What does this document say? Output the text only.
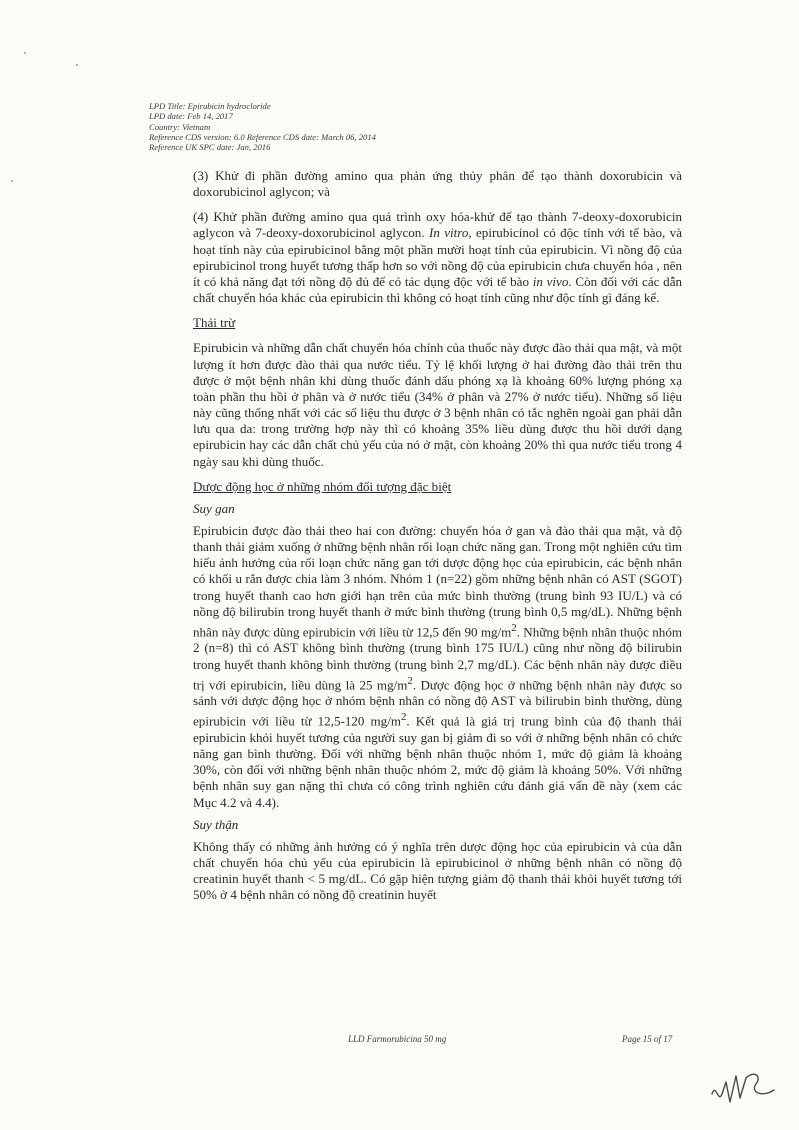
LPD Title: Epirubicin hydrocloride
LPD date: Feb 14, 2017
Country: Vietnam
Reference CDS version: 6.0 Reference CDS date: March 06, 2014
Reference UK SPC date: Jan, 2016

(3) Khử đi phần đường amino qua phản ứng thủy phân để tạo thành doxorubicin và doxorubicinol aglycon; và

(4) Khử phần đường amino qua quá trình oxy hóa-khử để tạo thành 7-deoxy-doxorubicin aglycon và 7-deoxy-doxorubicinol aglycon. In vitro, epirubicinol có độc tính với tế bào, và hoạt tính này của epirubicinol bằng một phần mười hoạt tính của epirubicin. Vì nồng độ của epirubicinol trong huyết tương thấp hơn so với nồng độ của epirubicin chưa chuyển hóa , nên ít có khả năng đạt tới nồng độ đủ để có tác dụng độc với tế bào in vivo. Còn đối với các dẫn chất chuyển hóa khác của epirubicin thì không có hoạt tính cũng như độc tính gì đáng kể.

Thải trừ

Epirubicin và những dẫn chất chuyển hóa chính của thuốc này được đào thải qua mật, và một lượng ít hơn được đào thải qua nước tiểu. Tỷ lệ khối lượng ở hai đường đào thải trên thu được ở một bệnh nhân khi dùng thuốc đánh dấu phóng xạ là khoảng 60% lượng phóng xạ toàn phần thu hồi ở phân và ở nước tiểu (34% ở phân và 27% ở nước tiểu). Những số liệu này cũng thống nhất với các số liệu thu được ở 3 bệnh nhân có tắc nghẽn ngoài gan phải dẫn lưu qua da: trong trường hợp này thì có khoảng 35% liều dùng được thu hồi dưới dạng epirubicin hay các dẫn chất chủ yếu của nó ở mật, còn khoảng 20% thì qua nước tiểu trong 4 ngày sau khi dùng thuốc.

Dược động học ở những nhóm đối tượng đặc biệt

Suy gan

Epirubicin được đào thải theo hai con đường: chuyển hóa ở gan và đào thải qua mật, và độ thanh thải giảm xuống ở những bệnh nhân rối loạn chức năng gan. Trong một nghiên cứu tìm hiểu ảnh hưởng của rối loạn chức năng gan tới dược động học của epirubicin, các bệnh nhân có khối u rắn được chia làm 3 nhóm. Nhóm 1 (n=22) gồm những bệnh nhân có AST (SGOT) trong huyết thanh cao hơn giới hạn trên của mức bình thường (trung bình 93 IU/L) và có nồng độ bilirubin trong huyết thanh ở mức bình thường (trung bình 0,5 mg/dL). Những bệnh nhân này được dùng epirubicin với liều từ 12,5 đến 90 $mg/m^2$. Những bệnh nhân thuộc nhóm 2 (n=8) thì có AST không bình thường (trung bình 175 IU/L) cũng như nồng độ bilirubin trong huyết thanh không bình thường (trung bình 2,7 mg/dL). Các bệnh nhân này được điều trị với epirubicin, liều dùng là 25 $mg/m^2$. Dược động học ở những bệnh nhân này được so sánh với dược động học ở nhóm bệnh nhân có nồng độ AST và bilirubin bình thường, dùng epirubicin với liều từ 12,5-120 $mg/m^2$. Kết quả là giá trị trung bình của độ thanh thải epirubicin khỏi huyết tương của người suy gan bị giảm đi so với ở những bệnh nhân có chức năng gan bình thường. Đối với những bệnh nhân thuộc nhóm 1, mức độ giảm là khoảng 30%, còn đối với những bệnh nhân thuộc nhóm 2, mức độ giảm là khoảng 50%. Với những bệnh nhân suy gan nặng thì chưa có công trình nghiên cứu đánh giá vấn đề này (xem các Mục 4.2 và 4.4).

Suy thận

Không thấy có những ảnh hưởng có ý nghĩa trên dược động học của epirubicin và của dẫn chất chuyển hóa chủ yếu của epirubicin là epirubicinol ở những bệnh nhân có nồng độ creatinin huyết thanh < 5 mg/dL. Có gặp hiện tượng giảm độ thanh thải khỏi huyết tương tới 50% ở 4 bệnh nhân có nồng độ creatinin huyết

LLD Farmorubicina 50 mg	Page 15 of 17
